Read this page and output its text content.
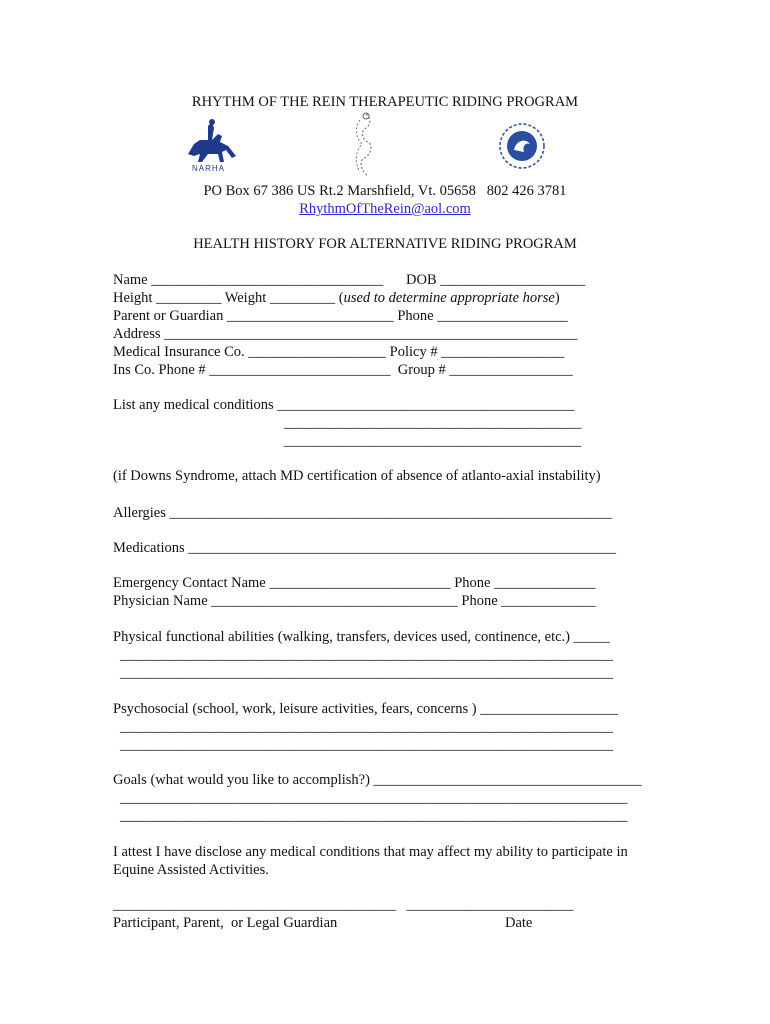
RHYTHM OF THE REIN THERAPEUTIC RIDING PROGRAM
NARHA
PO Box 67 386 US Rt.2 Marshfield, Vt. 05658   802 426 3781
RhythmOfTheRein@aol.com
HEALTH HISTORY FOR ALTERNATIVE RIDING PROGRAM
Name ________________________________ DOB ____________________
Height _________ Weight _________ (used to determine appropriate horse)
Parent or Guardian _______________________ Phone __________________
Address _________________________________________________________
Medical Insurance Co. ___________________ Policy # _________________
Ins Co. Phone # _________________________  Group # _________________
List any medical conditions _________________________________________
_________________________________________
_________________________________________
(if Downs Syndrome, attach MD certification of absence of atlanto-axial instability)
Allergies _____________________________________________________________
Medications ___________________________________________________________
Emergency Contact Name _________________________ Phone ______________
Physician Name __________________________________ Phone _____________
Physical functional abilities (walking, transfers, devices used, continence, etc.) _____
____________________________________________________________________
____________________________________________________________________
Psychosocial (school, work, leisure activities, fears, concerns ) ___________________
____________________________________________________________________
____________________________________________________________________
Goals (what would you like to accomplish?) _____________________________________
______________________________________________________________________
______________________________________________________________________
I attest I have disclose any medical conditions that may affect my ability to participate in
Equine Assisted Activities.
_______________________________________   _______________________
Participant, Parent,  or Legal Guardian	Date
